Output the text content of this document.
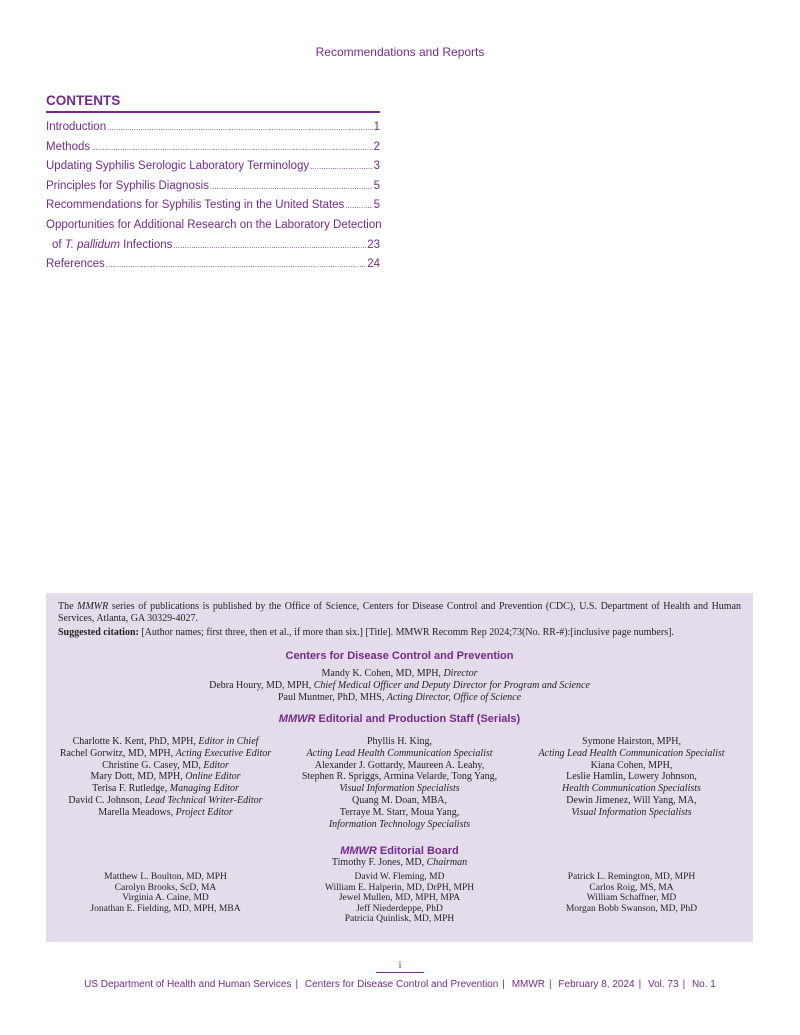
Recommendations and Reports
CONTENTS
Introduction .....	1
Methods .....	2
Updating Syphilis Serologic Laboratory Terminology .....	3
Principles for Syphilis Diagnosis .....	5
Recommendations for Syphilis Testing in the United States .....	5
Opportunities for Additional Research on the Laboratory Detection
of T. pallidum Infections .....	23
References .....	24
The MMWR series of publications is published by the Office of Science, Centers for Disease Control and Prevention (CDC), U.S. Department of Health and Human Services, Atlanta, GA 30329-4027.
Suggested citation: [Author names; first three, then et al., if more than six.] [Title]. MMWR Recomm Rep 2024;73(No. RR-#):[inclusive page numbers].
Centers for Disease Control and Prevention
Mandy K. Cohen, MD, MPH, Director
Debra Houry, MD, MPH, Chief Medical Officer and Deputy Director for Program and Science
Paul Muntner, PhD, MHS, Acting Director, Office of Science
MMWR Editorial and Production Staff (Serials)
Charlotte K. Kent, PhD, MPH, Editor in Chief
Rachel Gorwitz, MD, MPH, Acting Executive Editor
Christine G. Casey, MD, Editor
Mary Dott, MD, MPH, Online Editor
Terisa F. Rutledge, Managing Editor
David C. Johnson, Lead Technical Writer-Editor
Marella Meadows, Project Editor
Phyllis H. King,
Acting Lead Health Communication Specialist
Alexander J. Gottardy, Maureen A. Leahy,
Stephen R. Spriggs, Armina Velarde, Tong Yang,
Visual Information Specialists
Quang M. Doan, MBA,
Terraye M. Starr, Moua Yang,
Information Technology Specialists
Symone Hairston, MPH,
Acting Lead Health Communication Specialist
Kiana Cohen, MPH,
Leslie Hamlin, Lowery Johnson,
Health Communication Specialists
Dewin Jimenez, Will Yang, MA,
Visual Information Specialists
MMWR Editorial Board
Timothy F. Jones, MD, Chairman
Matthew L. Boulton, MD, MPH
Carolyn Brooks, ScD, MA
Virginia A. Caine, MD
Jonathan E. Fielding, MD, MPH, MBA
David W. Fleming, MD
William E. Halperin, MD, DrPH, MPH
Jewel Mullen, MD, MPH, MPA
Jeff Niederdeppe, PhD
Patricia Quinlisk, MD, MPH
Patrick L. Remington, MD, MPH
Carlos Roig, MS, MA
William Schaffner, MD
Morgan Bobb Swanson, MD, PhD
i
US Department of Health and Human Services | Centers for Disease Control and Prevention | MMWR | February 8, 2024 | Vol. 73 | No. 1
